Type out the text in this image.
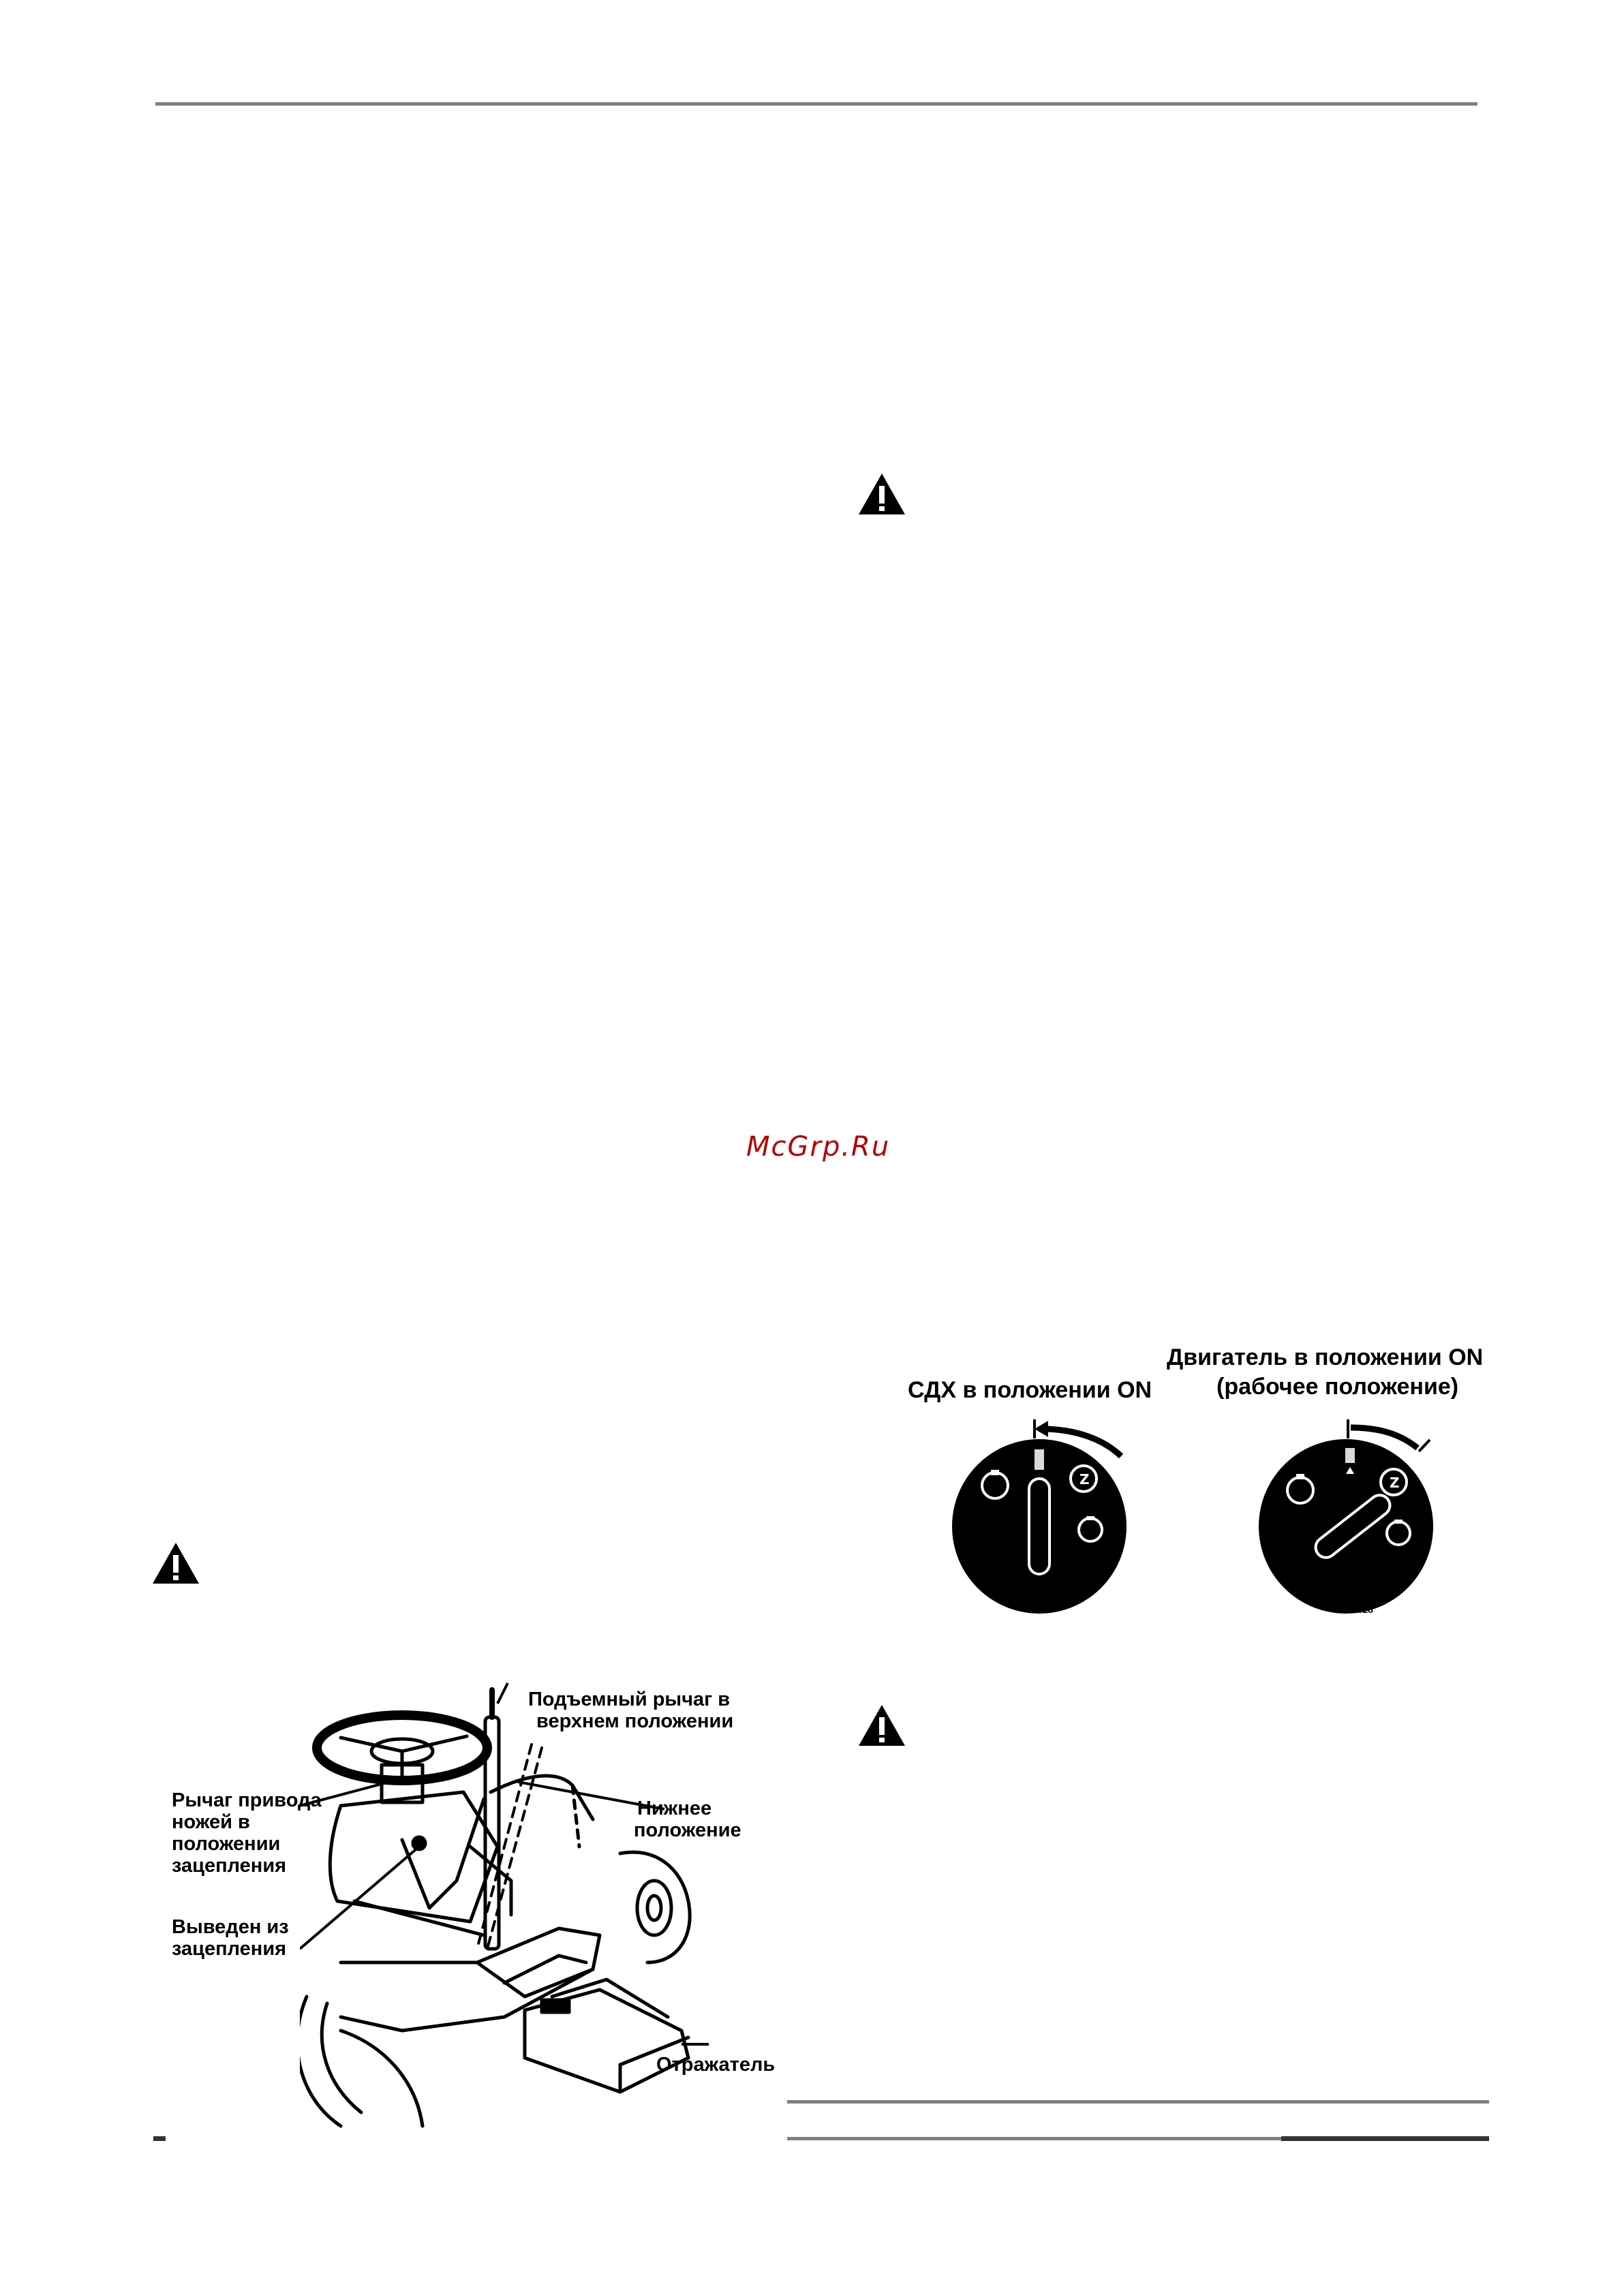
McGrp.Ru
СДХ в положении ON
Двигатель в положении ON
(рабочее положение)
Z	Z
02828
Подъемный рычаг в
верхнем положении
Рычаг привода
ножей в
положении
зацепления
Нижнее
положение
Выведен из
зацепления
Отражатель
